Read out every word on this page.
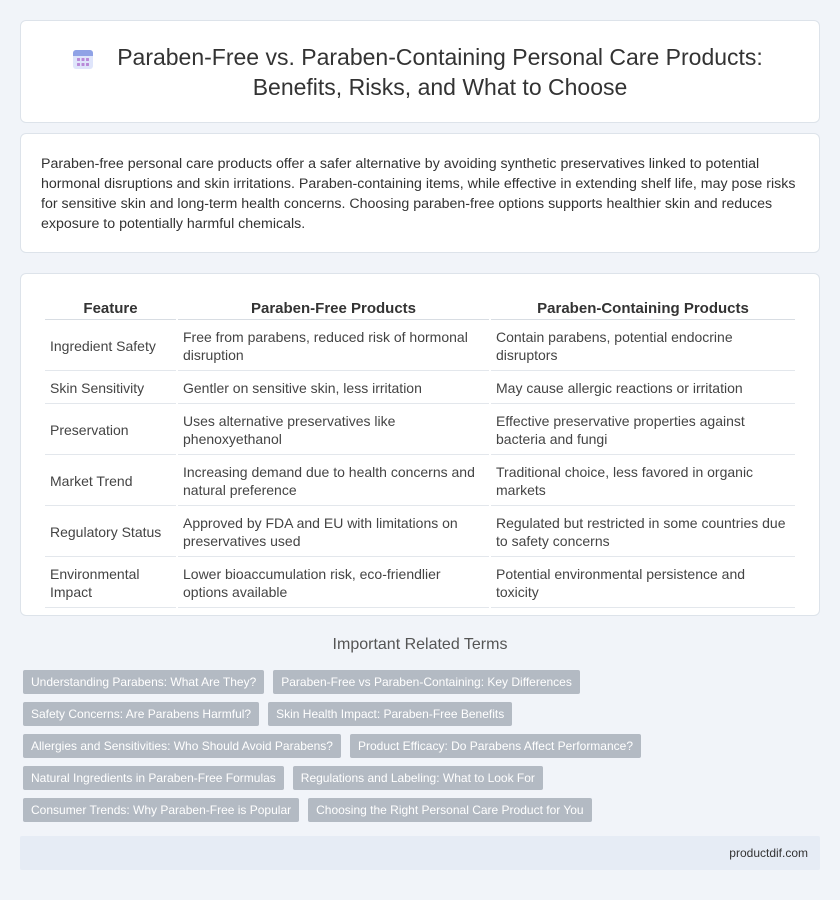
Paraben-Free vs. Paraben-Containing Personal Care Products: Benefits, Risks, and What to Choose

Paraben-free personal care products offer a safer alternative by avoiding synthetic preservatives linked to potential hormonal disruptions and skin irritations. Paraben-containing items, while effective in extending shelf life, may pose risks for sensitive skin and long-term health concerns. Choosing paraben-free options supports healthier skin and reduces exposure to potentially harmful chemicals.

Feature	Paraben-Free Products	Paraben-Containing Products
Ingredient Safety	Free from parabens, reduced risk of hormonal disruption	Contain parabens, potential endocrine disruptors
Skin Sensitivity	Gentler on sensitive skin, less irritation	May cause allergic reactions or irritation
Preservation	Uses alternative preservatives like phenoxyethanol	Effective preservative properties against bacteria and fungi
Market Trend	Increasing demand due to health concerns and natural preference	Traditional choice, less favored in organic markets
Regulatory Status	Approved by FDA and EU with limitations on preservatives used	Regulated but restricted in some countries due to safety concerns
Environmental Impact	Lower bioaccumulation risk, eco-friendlier options available	Potential environmental persistence and toxicity
Important Related Terms
Understanding Parabens: What Are They?	Paraben-Free vs Paraben-Containing: Key Differences
Safety Concerns: Are Parabens Harmful?	Skin Health Impact: Paraben-Free Benefits
Allergies and Sensitivities: Who Should Avoid Parabens?	Product Efficacy: Do Parabens Affect Performance?
Natural Ingredients in Paraben-Free Formulas	Regulations and Labeling: What to Look For
Consumer Trends: Why Paraben-Free is Popular	Choosing the Right Personal Care Product for You
productdif.com
